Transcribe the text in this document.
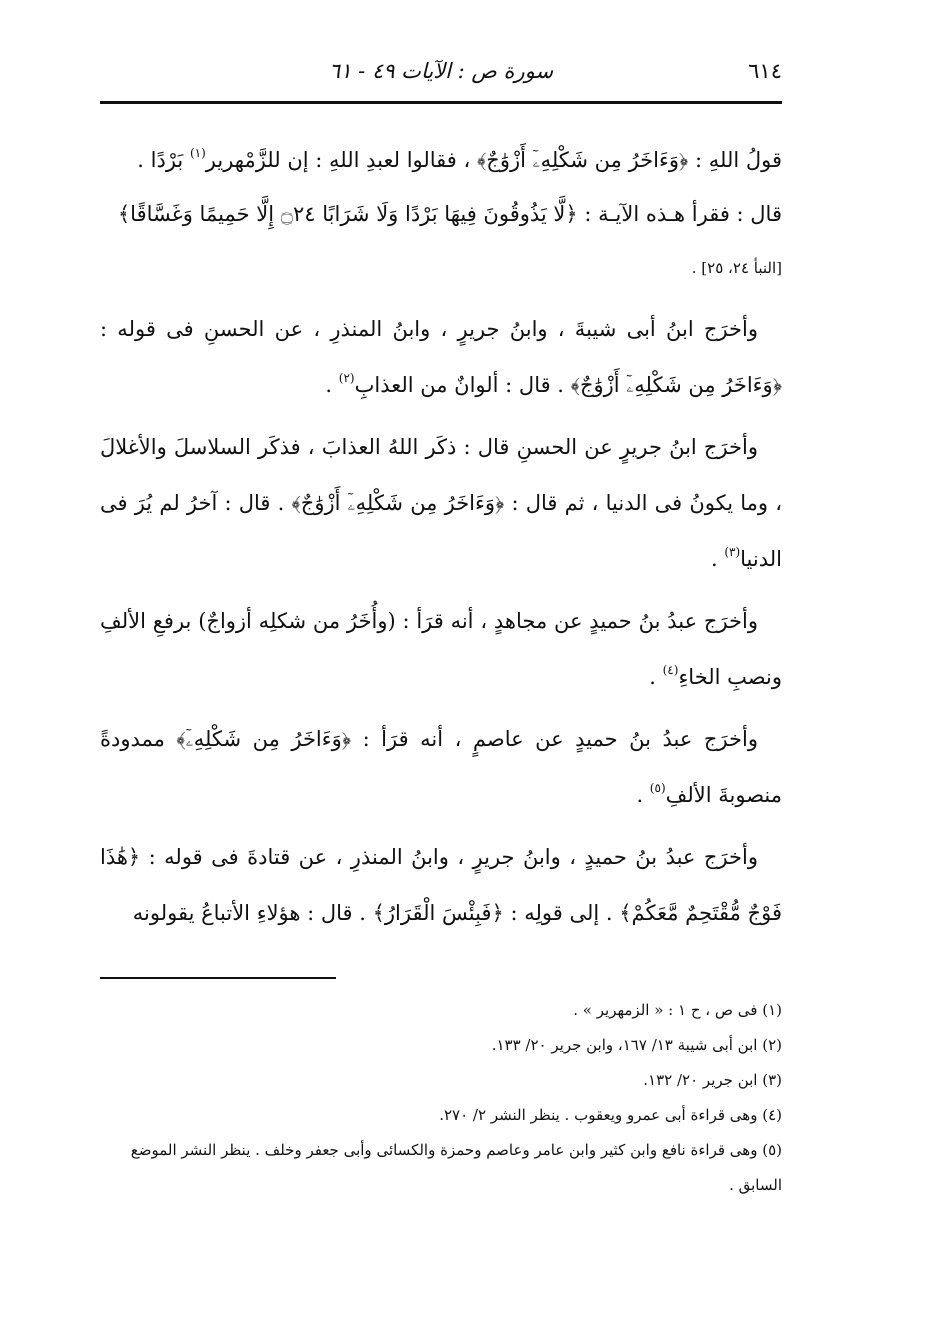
٦١٤
سورة ص : الآيات ٤٩ - ٦١
قولُ اللهِ : ﴿وَءَاخَرُ مِن شَكْلِهِۦٓ أَزْوَٰجٌ﴾ ، فقالوا لعبدِ اللهِ : إن للزَّمْهرير$^{(١)}$ بَرْدًا .
قال : فقرأ هـذه الآيـة : ﴿لَّا يَذُوقُونَ فِيهَا بَرْدًا وَلَا شَرَابًا ۝٢٤ إِلَّا حَمِيمًا وَغَسَّاقًا﴾
[النبأ ٢٤، ٢٥] .
وأخرَج ابنُ أبى شيبةَ ، وابنُ جريرٍ ، وابنُ المنذرِ ، عن الحسنِ فى قوله : ﴿وَءَاخَرُ مِن شَكْلِهِۦٓ أَزْوَٰجٌ﴾ . قال : ألوانٌ من العذابِ$^{(٢)}$ .
وأخرَج ابنُ جريرٍ عن الحسنِ قال : ذكَر اللهُ العذابَ ، فذكَر السلاسلَ والأغلالَ ، وما يكونُ فى الدنيا ، ثم قال : ﴿وَءَاخَرُ مِن شَكْلِهِۦٓ أَزْوَٰجٌ﴾ . قال : آخرُ لم يُرَ فى الدنيا$^{(٣)}$ .
وأخرَج عبدُ بنُ حميدٍ عن مجاهدٍ ، أنه قرَأ : (وأُخَرُ من شكلِه أزواجٌ) برفعِ الألفِ ونصبِ الخاءِ$^{(٤)}$ .
وأخرَج عبدُ بنُ حميدٍ عن عاصمٍ ، أنه قرَأ : ﴿وَءَاخَرُ مِن شَكْلِهِۦٓ﴾ ممدودةً منصوبةَ الألفِ$^{(٥)}$ .
وأخرَج عبدُ بنُ حميدٍ ، وابنُ جريرٍ ، وابنُ المنذرِ ، عن قتادةَ فى قوله : ﴿هَٰذَا فَوْجٌ مُّقْتَحِمٌ مَّعَكُمْ﴾ . إلى قولِه : ﴿فَبِئْسَ الْقَرَارُ﴾ . قال : هؤلاءِ الأتباعُ يقولونه
(١) فى ص ، ح ١ : « الزمهرير » .
(٢) ابن أبى شيبة ١٣/ ١٦٧، وابن جرير ٢٠/ ١٣٣.
(٣) ابن جرير ٢٠/ ١٣٢.
(٤) وهى قراءة أبى عمرو ويعقوب . ينظر النشر ٢/ ٢٧٠.
(٥) وهى قراءة نافع وابن كثير وابن عامر وعاصم وحمزة والكسائى وأبى جعفر وخلف . ينظر النشر الموضع السابق .
